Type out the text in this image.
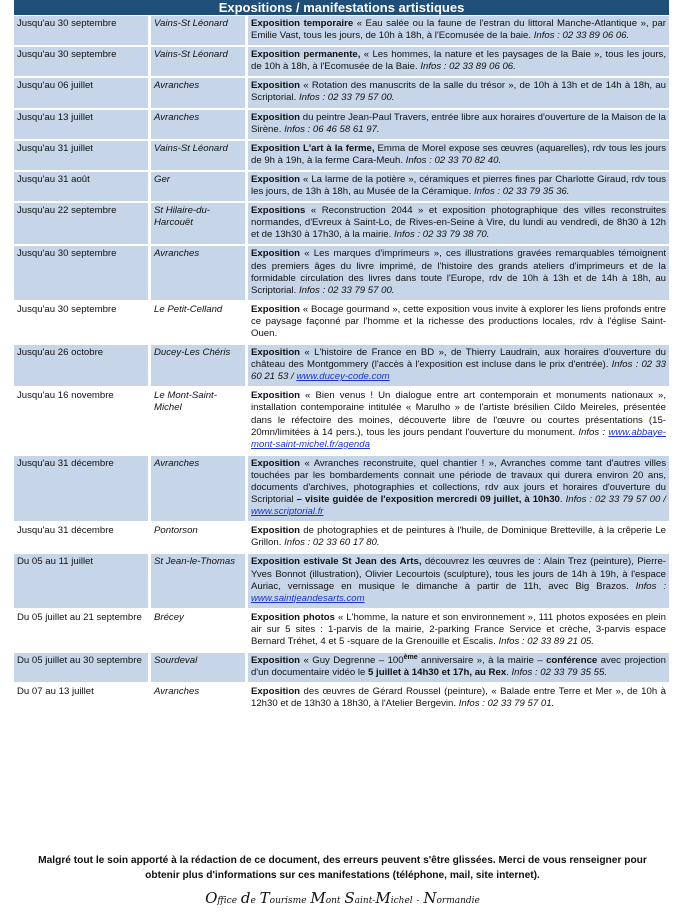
Expositions / manifestations artistiques
Jusqu'au 30 septembre	Vains-St Léonard	Exposition temporaire « Eau salée ou la faune de l'estran du littoral Manche-Atlantique », par Emilie Vast, tous les jours, de 10h à 18h, à l'Ecomusée de la baie. Infos : 02 33 89 06 06.
Jusqu'au 30 septembre	Vains-St Léonard	Exposition permanente, « Les hommes, la nature et les paysages de la Baie », tous les jours, de 10h à 18h, à l'Ecomusée de la Baie. Infos : 02 33 89 06 06.
Jusqu'au 06 juillet	Avranches	Exposition « Rotation des manuscrits de la salle du trésor », de 10h à 13h et de 14h à 18h, au Scriptorial. Infos : 02 33 79 57 00.
Jusqu'au 13 juillet	Avranches	Exposition du peintre Jean-Paul Travers, entrée libre aux horaires d'ouverture de la Maison de la Sirène. Infos : 06 46 58 61 97.
Jusqu'au 31 juillet	Vains-St Léonard	Exposition L'art à la ferme, Emma de Morel expose ses œuvres (aquarelles), rdv tous les jours de 9h à 19h, à la ferme Cara-Meuh. Infos : 02 33 70 82 40.
Jusqu'au 31 août	Ger	Exposition « La larme de la potière », céramiques et pierres fines par Charlotte Giraud, rdv tous les jours, de 13h à 18h, au Musée de la Céramique. Infos : 02 33 79 35 36.
Jusqu'au 22 septembre	St Hilaire-du-Harcouët	Expositions « Reconstruction 2044 » et exposition photographique des villes reconstruites normandes, d'Evreux à Saint-Lo, de Rives-en-Seine à Vire, du lundi au vendredi, de 8h30 à 12h et de 13h30 à 17h30, à la mairie. Infos : 02 33 79 38 70.
Jusqu'au 30 septembre	Avranches	Exposition « Les marques d'imprimeurs », ces illustrations gravées remarquables témoignent des premiers âges du livre imprimé, de l'histoire des grands ateliers d'imprimeurs et de la formidable circulation des livres dans toute l'Europe, rdv de 10h à 13h et de 14h à 18h, au Scriptorial. Infos : 02 33 79 57 00.
Jusqu'au 30 septembre	Le Petit-Celland	Exposition « Bocage gourmand », cette exposition vous invite à explorer les liens profonds entre ce paysage façonné par l'homme et la richesse des productions locales, rdv à l'église Saint-Ouen.
Jusqu'au 26 octobre	Ducey-Les Chéris	Exposition « L'histoire de France en BD », de Thierry Laudrain, aux horaires d'ouverture du château des Montgommery (l'accès à l'exposition est incluse dans le prix d'entrée). Infos : 02 33 60 21 53 / www.ducey-code.com
Jusqu'au 16 novembre	Le Mont-Saint-Michel	Exposition « Bien venus ! Un dialogue entre art contemporain et monuments nationaux », installation contemporaine intitulée « Marulho » de l'artiste brésilien Cildo Meireles, présentée dans le réfectoire des moines, découverte libre de l'œuvre ou courtes présentations (15-20mn/limitées à 14 pers.), tous les jours pendant l'ouverture du monument. Infos : www.abbaye-mont-saint-michel.fr/agenda
Jusqu'au 31 décembre	Avranches	Exposition « Avranches reconstruite, quel chantier ! », Avranches comme tant d'autres villes touchées par les bombardements connait une période de travaux qui durera environ 20 ans, documents d'archives, photographies et collections, rdv aux jours et horaires d'ouverture du Scriptorial – visite guidée de l'exposition mercredi 09 juillet, à 10h30. Infos : 02 33 79 57 00 / www.scriptorial.fr
Jusqu'au 31 décembre	Pontorson	Exposition de photographies et de peintures à l'huile, de Dominique Bretteville, à la crêperie Le Grillon. Infos : 02 33 60 17 80.
Du 05 au 11 juillet	St Jean-le-Thomas	Exposition estivale St Jean des Arts, découvrez les œuvres de : Alain Trez (peinture), Pierre-Yves Bonnot (illustration), Olivier Lecourtois (sculpture), tous les jours de 14h à 19h, à l'espace Auriac, vernissage en musique le dimanche à partir de 11h, avec Big Brazos. Infos : www.saintjeandesarts.com
Du 05 juillet au 21 septembre	Brécey	Exposition photos « L'homme, la nature et son environnement », 111 photos exposées en plein air sur 5 sites : 1-parvis de la mairie, 2-parking France Service et crèche, 3-parvis espace Bernard Tréhet, 4 et 5 -square de la Grenouille et Escalis. Infos : 02 33 89 21 05.
Du 05 juillet au 30 septembre	Sourdeval	Exposition « Guy Degrenne – 100ème anniversaire », à la mairie – conférence avec projection d'un documentaire vidéo le 5 juillet à 14h30 et 17h, au Rex. Infos : 02 33 79 35 55.
Du 07 au 13 juillet	Avranches	Exposition des œuvres de Gérard Roussel (peinture), « Balade entre Terre et Mer », de 10h à 12h30 et de 13h30 à 18h30, à l'Atelier Bergevin. Infos : 02 33 79 57 01.
Malgré tout le soin apporté à la rédaction de ce document, des erreurs peuvent s'être glissées. Merci de vous renseigner pour obtenir plus d'informations sur ces manifestations (téléphone, mail, site internet).
Office de Tourisme Mont Saint-Michel - Normandie
